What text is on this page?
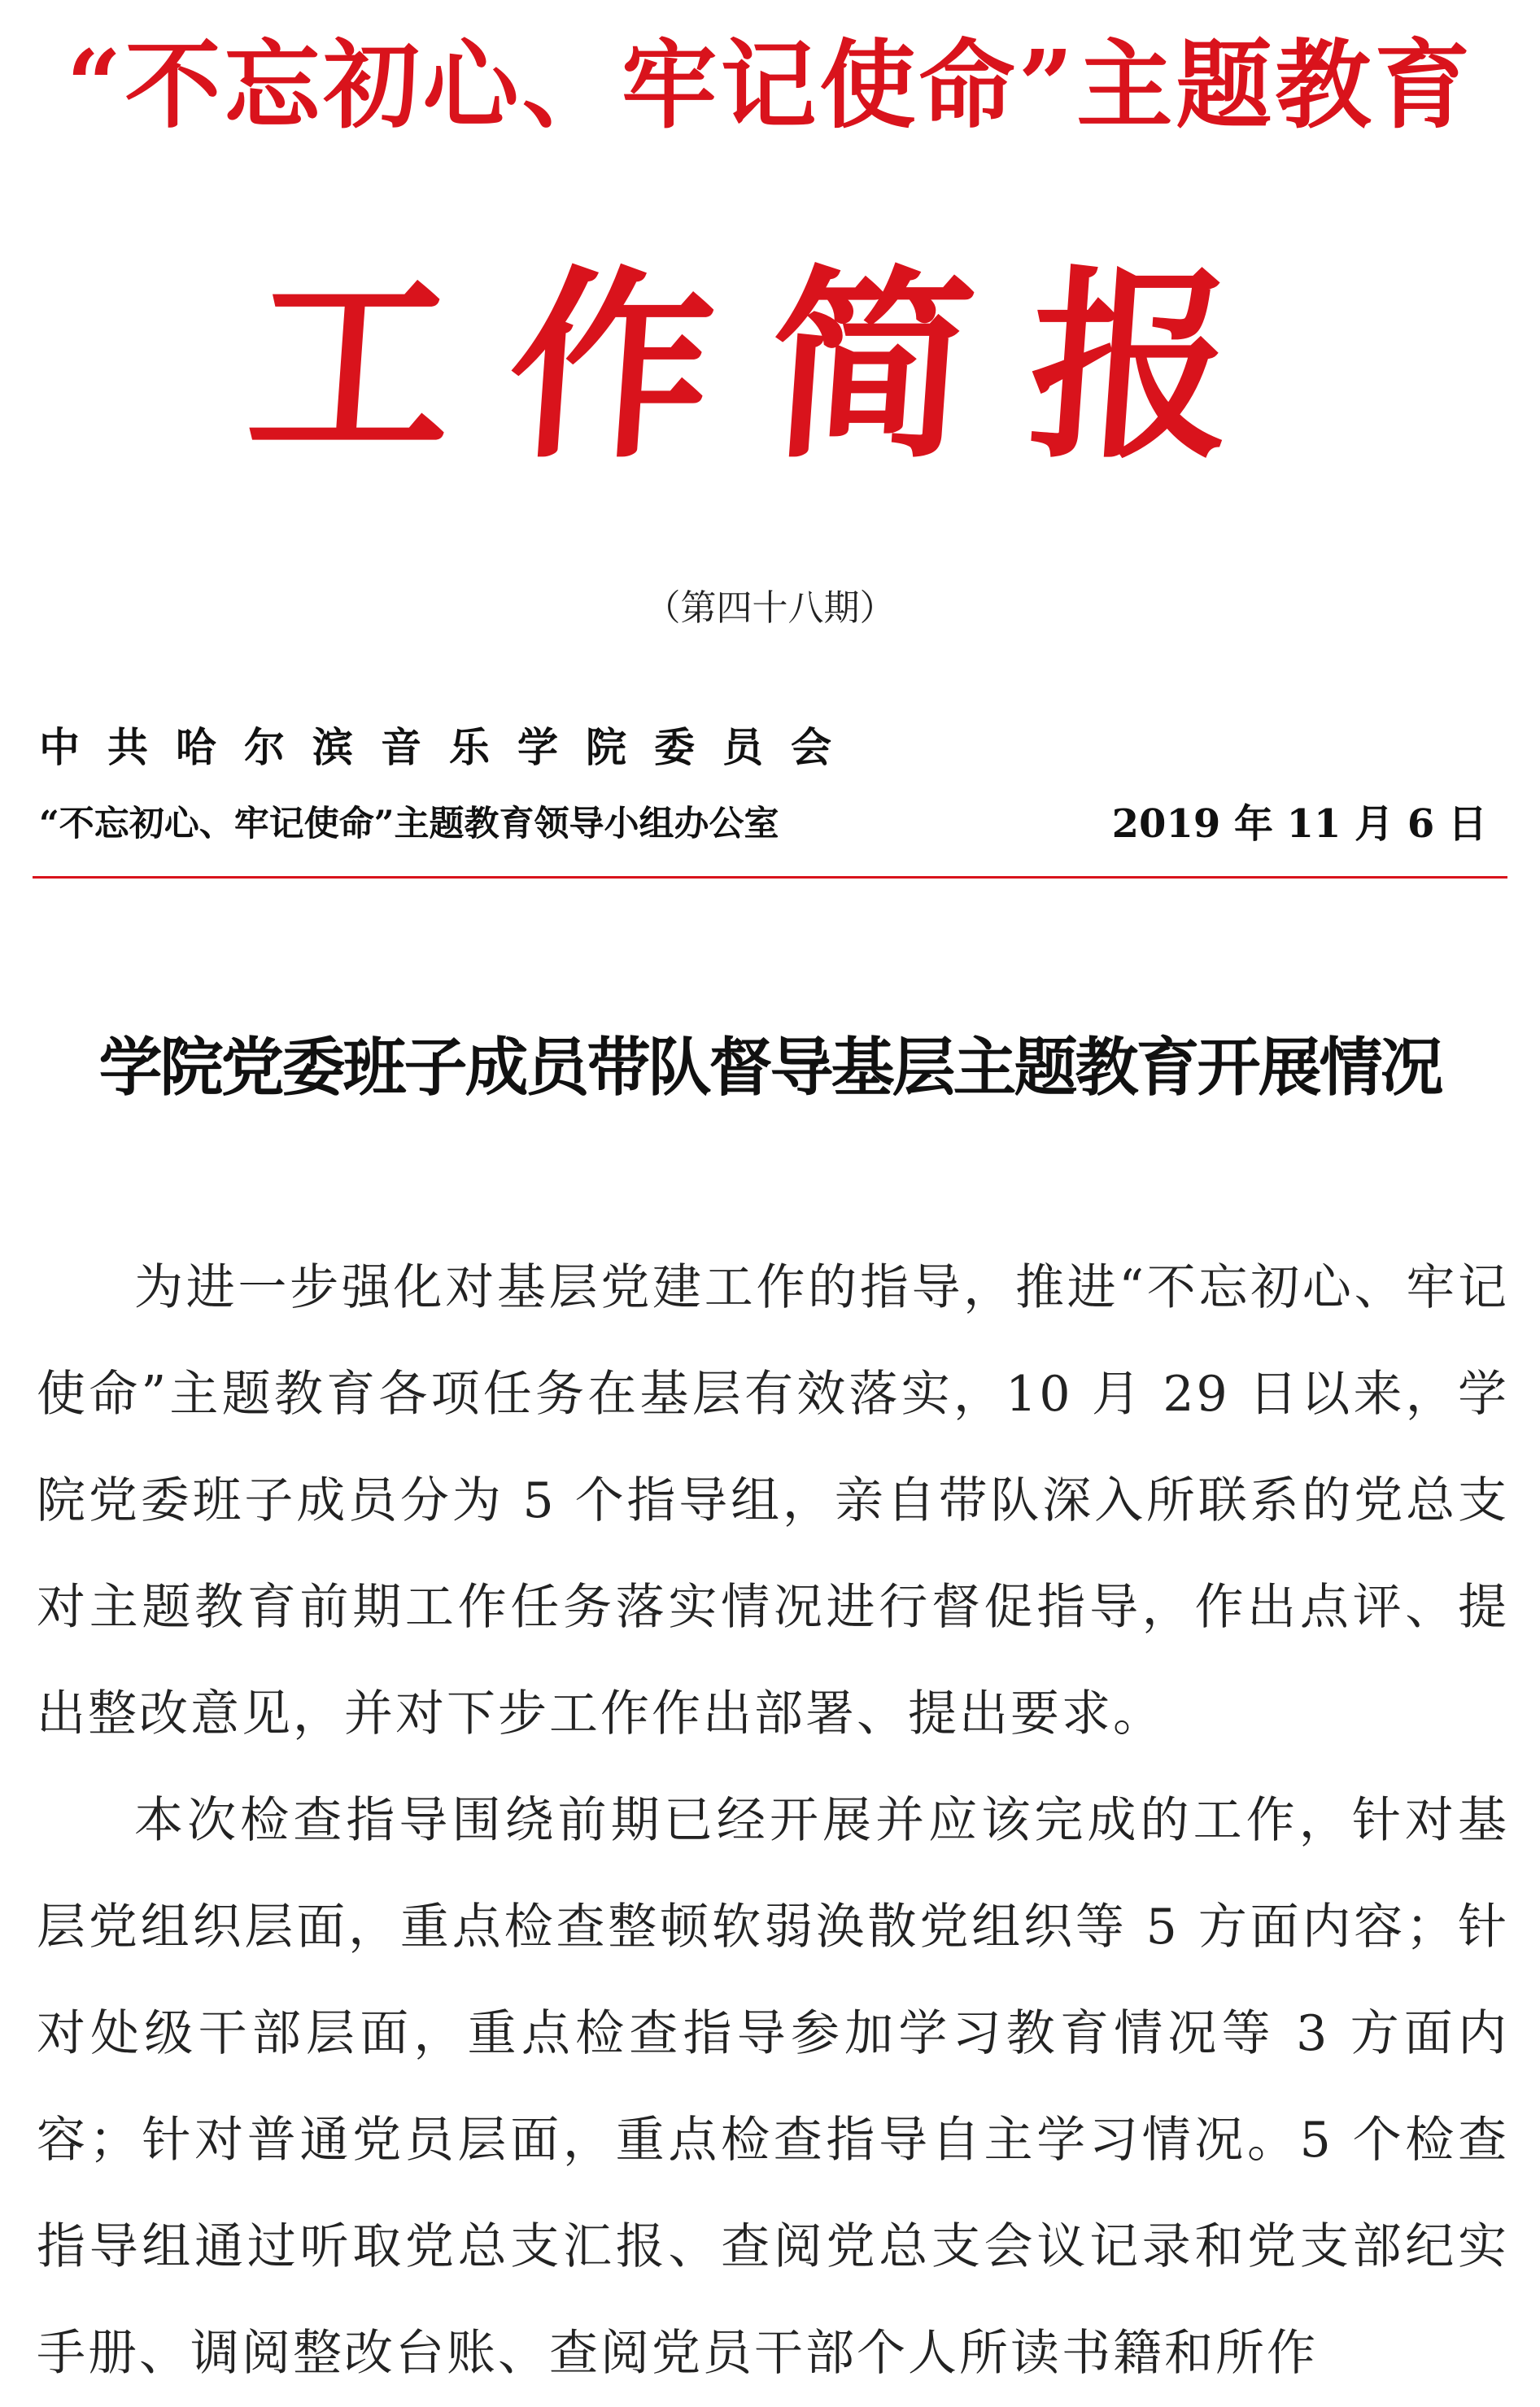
“不忘初心、牢记使命”主题教育
工作简报
（第四十八期）
中共哈尔滨音乐学院委员会
“不忘初心、牢记使命”主题教育领导小组办公室	2019 年 11 月 6 日
学院党委班子成员带队督导基层主题教育开展情况

为进一步强化对基层党建工作的指导，推进“不忘初心、牢记使命”主题教育各项任务在基层有效落实，10 月 29 日以来，学院党委班子成员分为 5 个指导组，亲自带队深入所联系的党总支对主题教育前期工作任务落实情况进行督促指导，作出点评、提出整改意见，并对下步工作作出部署、提出要求。

本次检查指导围绕前期已经开展并应该完成的工作，针对基层党组织层面，重点检查整顿软弱涣散党组织等 5 方面内容；针对处级干部层面，重点检查指导参加学习教育情况等 3 方面内容；针对普通党员层面，重点检查指导自主学习情况。5 个检查指导组通过听取党总支汇报、查阅党总支会议记录和党支部纪实手册、调阅整改台账、查阅党员干部个人所读书籍和所作
